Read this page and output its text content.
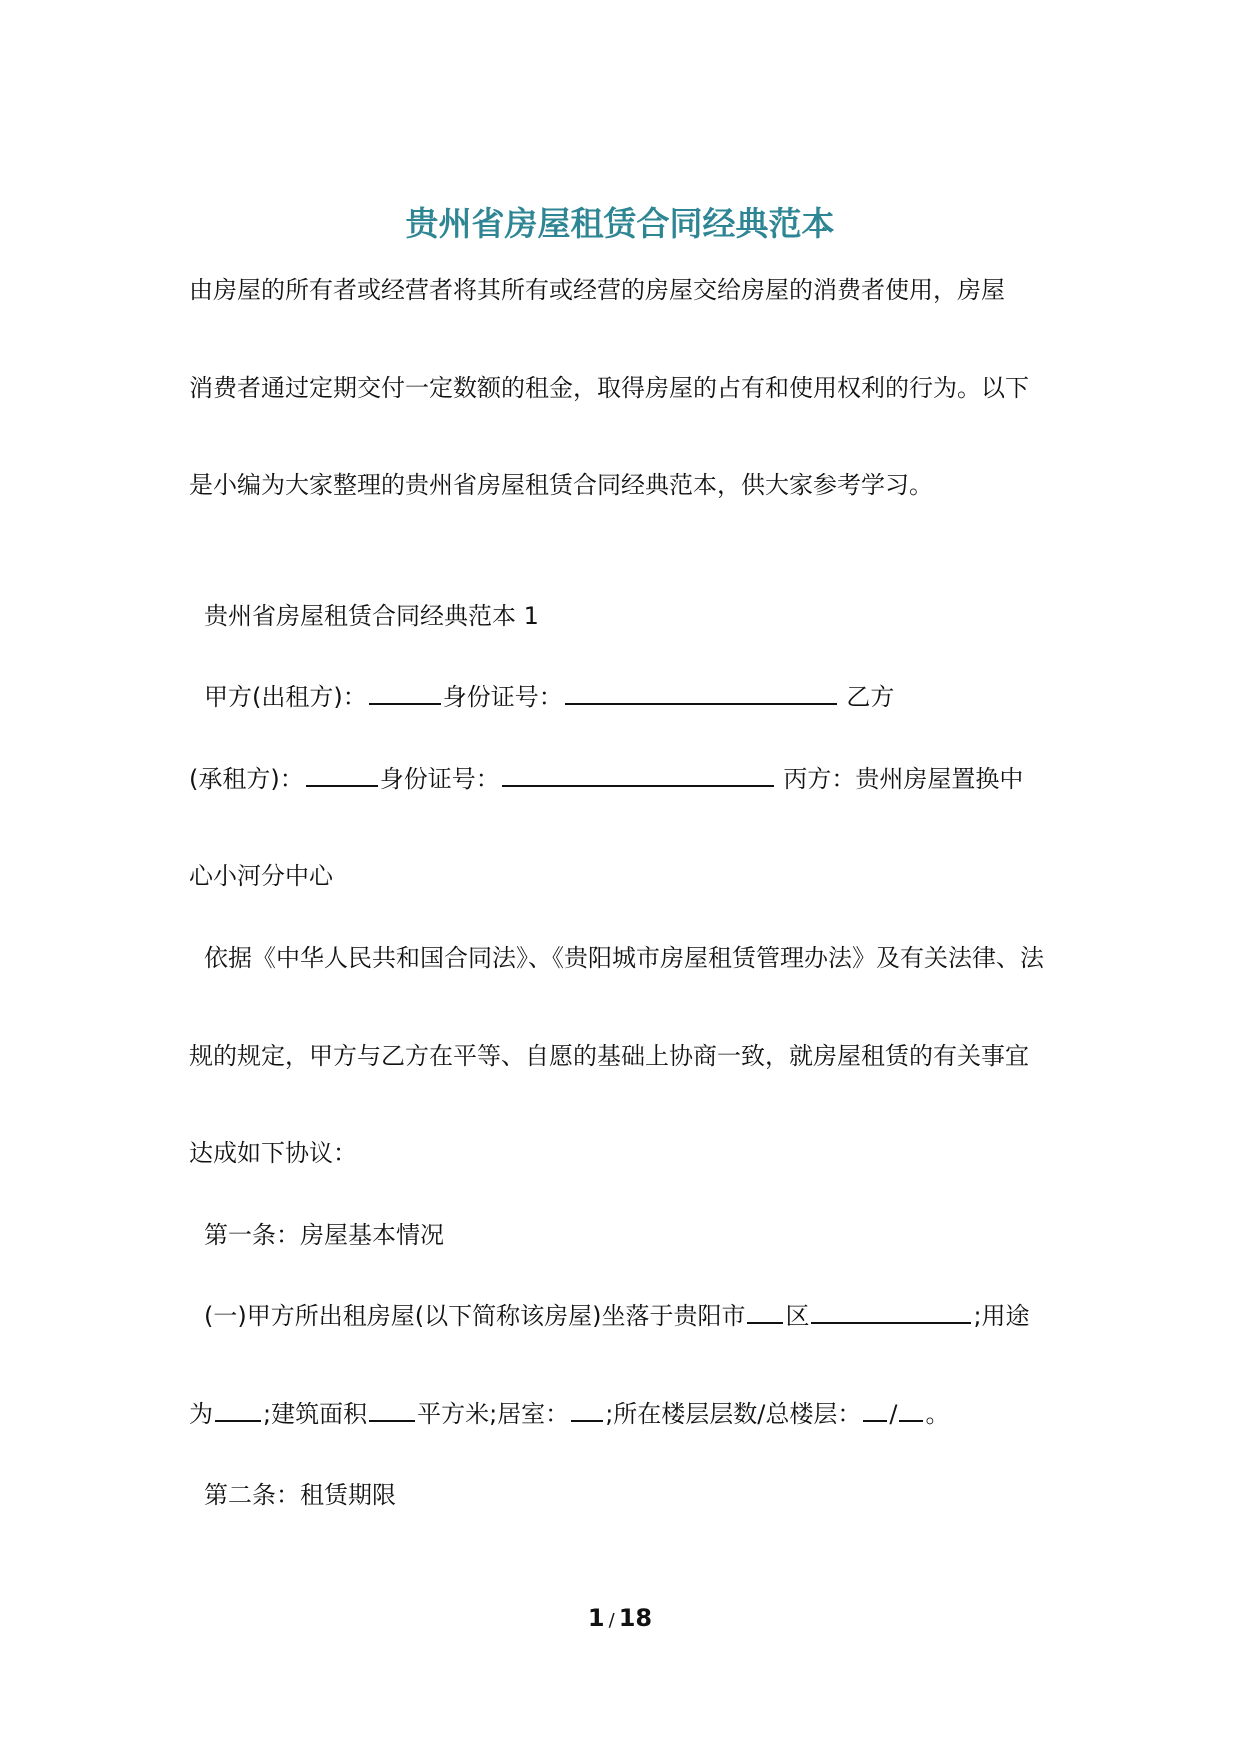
贵州省房屋租赁合同经典范本
由房屋的所有者或经营者将其所有或经营的房屋交给房屋的消费者使用，房屋
消费者通过定期交付一定数额的租金，取得房屋的占有和使用权利的行为。以下
是小编为大家整理的贵州省房屋租赁合同经典范本，供大家参考学习。
贵州省房屋租赁合同经典范本 1
甲方(出租方)：	身份证号：	乙方
(承租方)：	身份证号：	丙方：贵州房屋置换中
心小河分中心
依据《中华人民共和国合同法》、《贵阳城市房屋租赁管理办法》及有关法律、法
规的规定，甲方与乙方在平等、自愿的基础上协商一致，就房屋租赁的有关事宜
达成如下协议：
第一条：房屋基本情况
(一)甲方所出租房屋(以下简称该房屋)坐落于贵阳市 区	;用途
为 ;建筑面积 平方米;居室： ;所在楼层层数/总楼层： / 。
第二条：租赁期限
1 / 18
